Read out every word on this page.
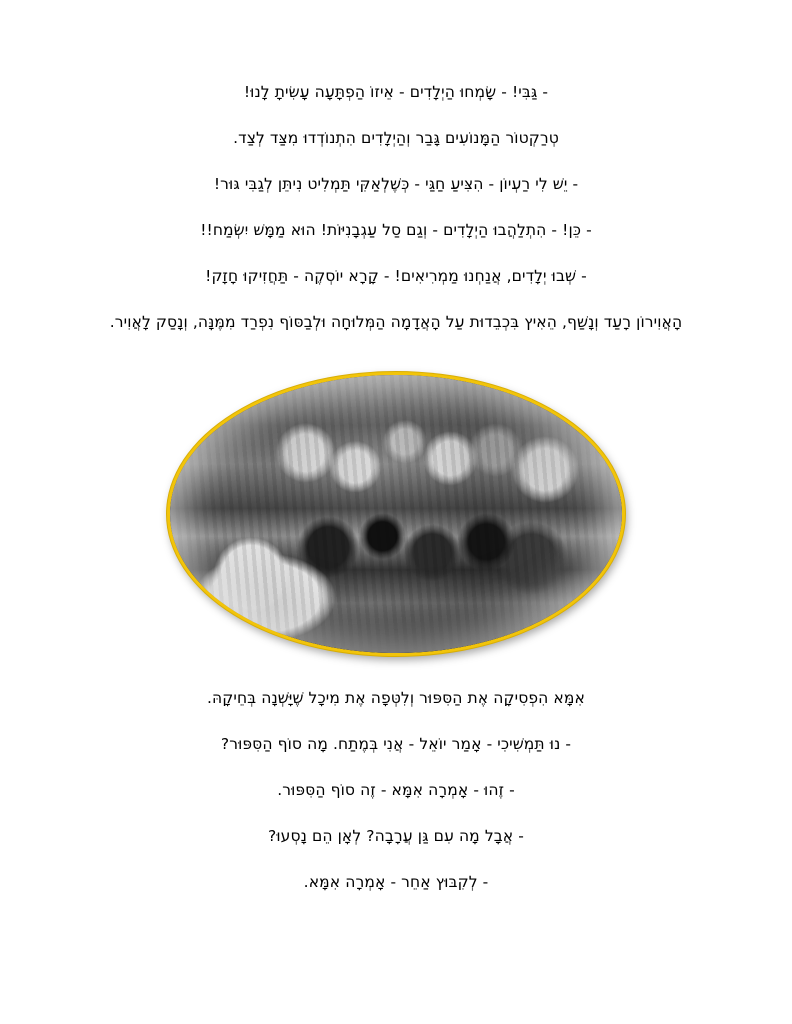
- גַּבִּי! - שָׂמְחוּ הַיְלָדִים - אֵיזוֹ הַפְתָּעָה עָשִׂיתָ לָנוּ!

טְרַקְטוֹר הַמָּנוֹעִים גָּבַר וְהַיְלָדִים הִתְנוֹדְדוּ מִצַּד לְצַד.

- יֵשׁ לִי רַעְיוֹן - הִצִּיעַ חַגַּי - כְּשֶׁלְאַקִּי תַּמְלִיט נִיתֵּן לְגַבִּי גּוּר!

- כֵּן! - הִתְלַהֲבוּ הַיְלָדִים - וְגַם סַל עַגְבָנִיּוֹת! הוּא מַמָּשׁ יִשְׂמַח!!

- שְׁבוּ יְלָדִים, אֲנַחְנוּ מַמְרִיאִים! - קָרָא יוֹסְקֶה - תַּחֲזִיקוּ חָזָק!

הָאֲוִירוֹן רָעַד וְנָשַׁף, הֵאִיץ בִּכְבֵדוּת עַל הָאֲדָמָה הַמְּלוּחָה וּלְבַסּוֹף נִפְרַד מִמֶּנָּה, וְנָסַק לָאֲוִיר.

אִמָּא הִפְסִיקָה אֶת הַסִּפּוּר וְלִטְּפָה אֶת מִיכָל שֶׁיָּשְׁנָה בְּחֵיקָהּ.

- נוּ תַּמְשִׁיכִי - אָמַר יוֹאֵל - אֲנִי בְּמֶתַח. מָה סוֹף הַסִּפּוּר?

- זֶהוּ - אָמְרָה אִמָּא - זֶה סוֹף הַסִּפּוּר.

- אֲבָל מָה עִם גַּן עֲרָבָה? לְאָן הֵם נָסְעוּ?

- לְקִבּוּץ אַחֵר - אָמְרָה אִמָּא.
